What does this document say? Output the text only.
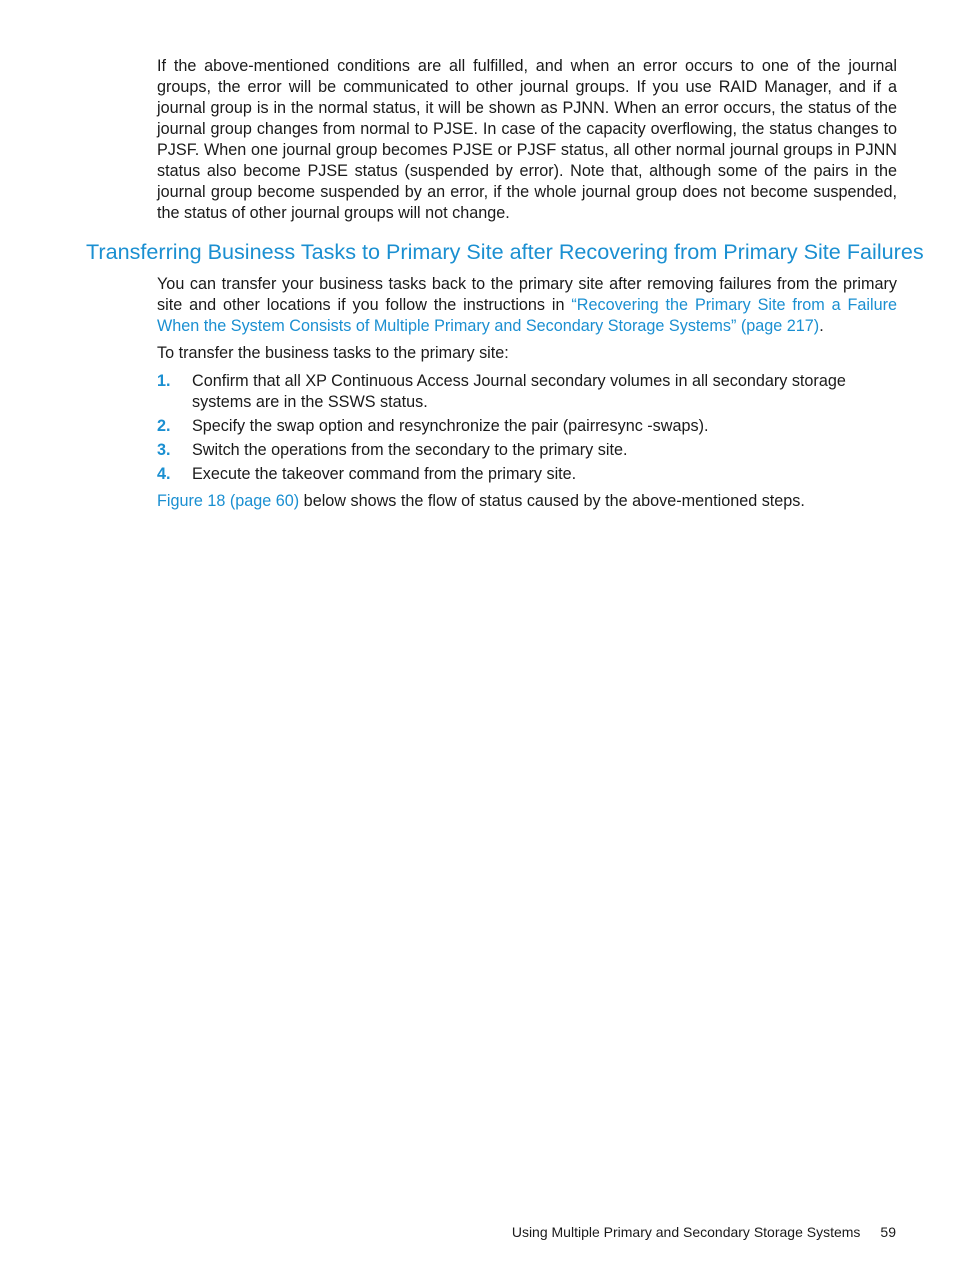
If the above-mentioned conditions are all fulfilled, and when an error occurs to one of the journal groups, the error will be communicated to other journal groups. If you use RAID Manager, and if a journal group is in the normal status, it will be shown as PJNN. When an error occurs, the status of the journal group changes from normal to PJSE. In case of the capacity overflowing, the status changes to PJSF. When one journal group becomes PJSE or PJSF status, all other normal journal groups in PJNN status also become PJSE status (suspended by error). Note that, although some of the pairs in the journal group become suspended by an error, if the whole journal group does not become suspended, the status of other journal groups will not change.

Transferring Business Tasks to Primary Site after Recovering from Primary Site Failures

You can transfer your business tasks back to the primary site after removing failures from the primary site and other locations if you follow the instructions in “Recovering the Primary Site from a Failure When the System Consists of Multiple Primary and Secondary Storage Systems” (page 217).

To transfer the business tasks to the primary site:

1. Confirm that all XP Continuous Access Journal secondary volumes in all secondary storage systems are in the SSWS status.
2. Specify the swap option and resynchronize the pair (pairresync -swaps).
3. Switch the operations from the secondary to the primary site.
4. Execute the takeover command from the primary site.

Figure 18 (page 60) below shows the flow of status caused by the above-mentioned steps.

Using Multiple Primary and Secondary Storage Systems 59
